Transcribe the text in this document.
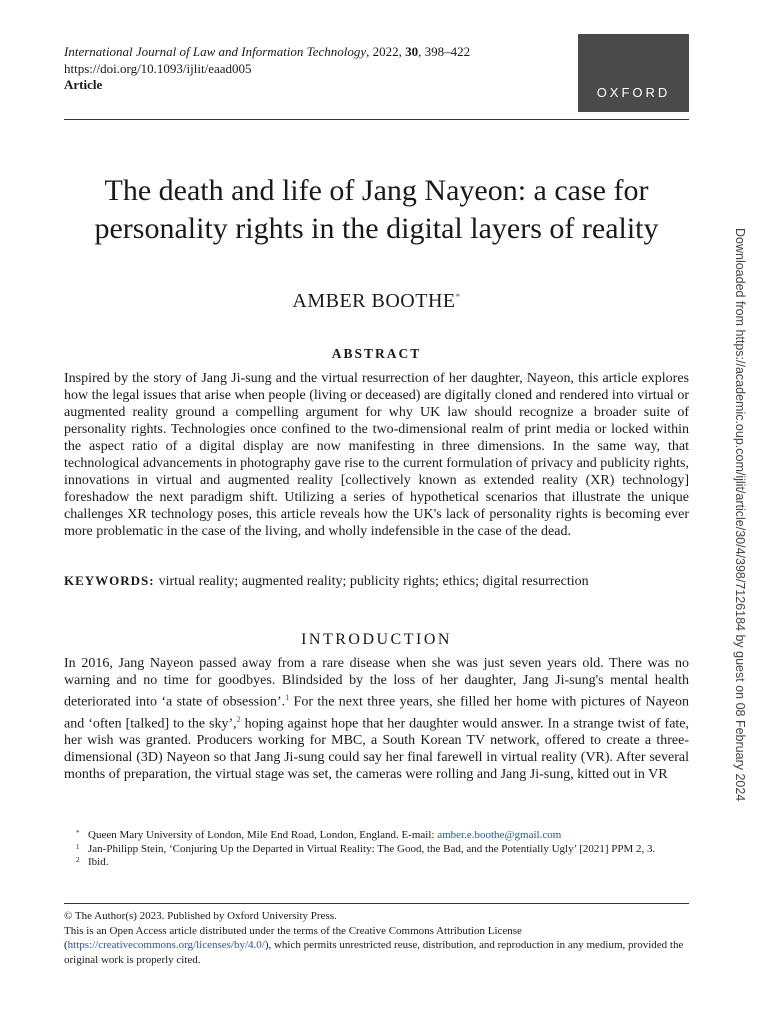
International Journal of Law and Information Technology, 2022, 30, 398–422
https://doi.org/10.1093/ijlit/eaad005
Article
OXFORD
The death and life of Jang Nayeon: a case for personality rights in the digital layers of reality
AMBER BOOTHE*
ABSTRACT

Inspired by the story of Jang Ji-sung and the virtual resurrection of her daughter, Nayeon, this article explores how the legal issues that arise when people (living or deceased) are digitally cloned and rendered into virtual or augmented reality ground a compelling argument for why UK law should recognize a broader suite of personality rights. Technologies once confined to the two-dimensional realm of print media or locked within the aspect ratio of a digital display are now manifesting in three dimensions. In the same way, that technological advancements in photography gave rise to the current formulation of privacy and publicity rights, innovations in virtual and augmented reality [collectively known as extended reality (XR) technology] foreshadow the next paradigm shift. Utilizing a series of hypothetical scenarios that illustrate the unique challenges XR technology poses, this article reveals how the UK's lack of personality rights is becoming ever more problematic in the case of the living, and wholly indefensible in the case of the dead.

KEYWORDS: virtual reality; augmented reality; publicity rights; ethics; digital resurrection
INTRODUCTION

In 2016, Jang Nayeon passed away from a rare disease when she was just seven years old. There was no warning and no time for goodbyes. Blindsided by the loss of her daughter, Jang Ji-sung's mental health deteriorated into ‘a state of obsession’.$^1$ For the next three years, she filled her home with pictures of Nayeon and ‘often [talked] to the sky’,$^2$ hoping against hope that her daughter would answer. In a strange twist of fate, her wish was granted. Producers working for MBC, a South Korean TV network, offered to create a three-dimensional (3D) Nayeon so that Jang Ji-sung could say her final farewell in virtual reality (VR). After several months of preparation, the virtual stage was set, the cameras were rolling and Jang Ji-sung, kitted out in VR

* Queen Mary University of London, Mile End Road, London, England. E-mail: amber.e.boothe@gmail.com
1 Jan-Philipp Stein, ‘Conjuring Up the Departed in Virtual Reality: The Good, the Bad, and the Potentially Ugly’ [2021] PPM 2, 3.
2 Ibid.
© The Author(s) 2023. Published by Oxford University Press.
This is an Open Access article distributed under the terms of the Creative Commons Attribution License (https://creativecommons.org/licenses/by/4.0/), which permits unrestricted reuse, distribution, and reproduction in any medium, provided the original work is properly cited.
Downloaded from https://academic.oup.com/ijlit/article/30/4/398/7126184 by guest on 08 February 2024
